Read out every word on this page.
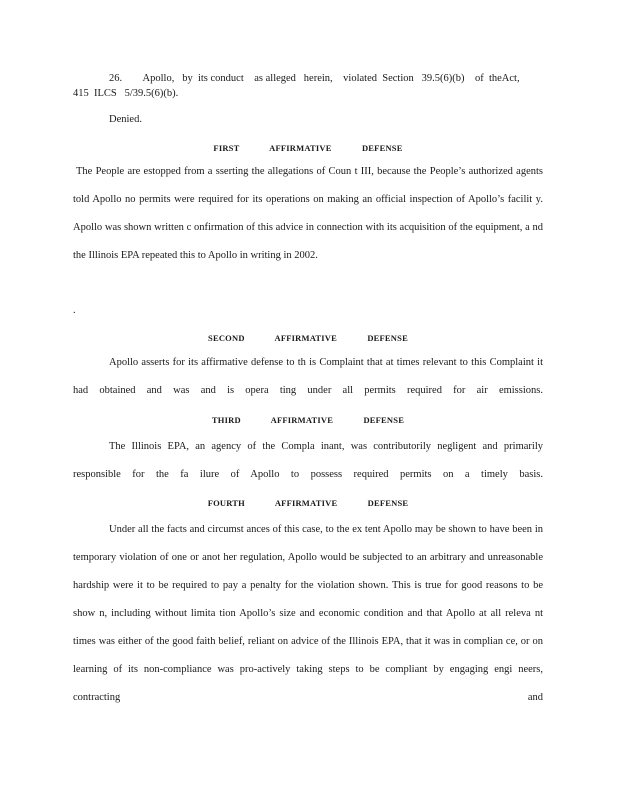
26.        Apollo,   by  its conduct    as alleged   herein,    violated  Section   39.5(6)(b)    of  theAct,

415  ILCS   5/39.5(6)(b).

Denied.
FIRST AFFIRMATIVE DEFENSE

The People are estopped from a sserting the allegations of Coun t III, because the People’s authorized agents told Apollo no permits were required for its operations on making an official inspection of Apollo’s facilit y. Apollo was shown written c onfirmation of this advice in connection with its acquisition of the equipment, a nd the Illinois EPA repeated this to Apollo in writing in 2002.

.
SECOND AFFIRMATIVE DEFENSE

Apollo asserts for its affirmative defense to th is Complaint that at times relevant to this Complaint it had obtained and was and is opera ting under all permits required for air emissions.

THIRD AFFIRMATIVE DEFENSE

The Illinois EPA, an agency of the Compla inant, was contributorily negligent and primarily responsible for the fa ilure of Apollo to possess required permits on a timely basis.

FOURTH AFFIRMATIVE DEFENSE

Under all the facts and circumst ances of this case, to the ex tent Apollo may be shown to have been in temporary violation of one or anot her regulation, Apollo would be subjected to an arbitrary and unreasonable hardship were it to be required to pay a penalty for the violation shown. This is true for good reasons to be show n, including without limita tion Apollo’s size and economic condition and that Apollo at all releva nt times was either of the good faith belief, reliant on advice of the Illinois EPA, that it was in complian ce, or on learning of its non-compliance was pro-actively taking steps to be compliant by engaging engi neers, contracting and
